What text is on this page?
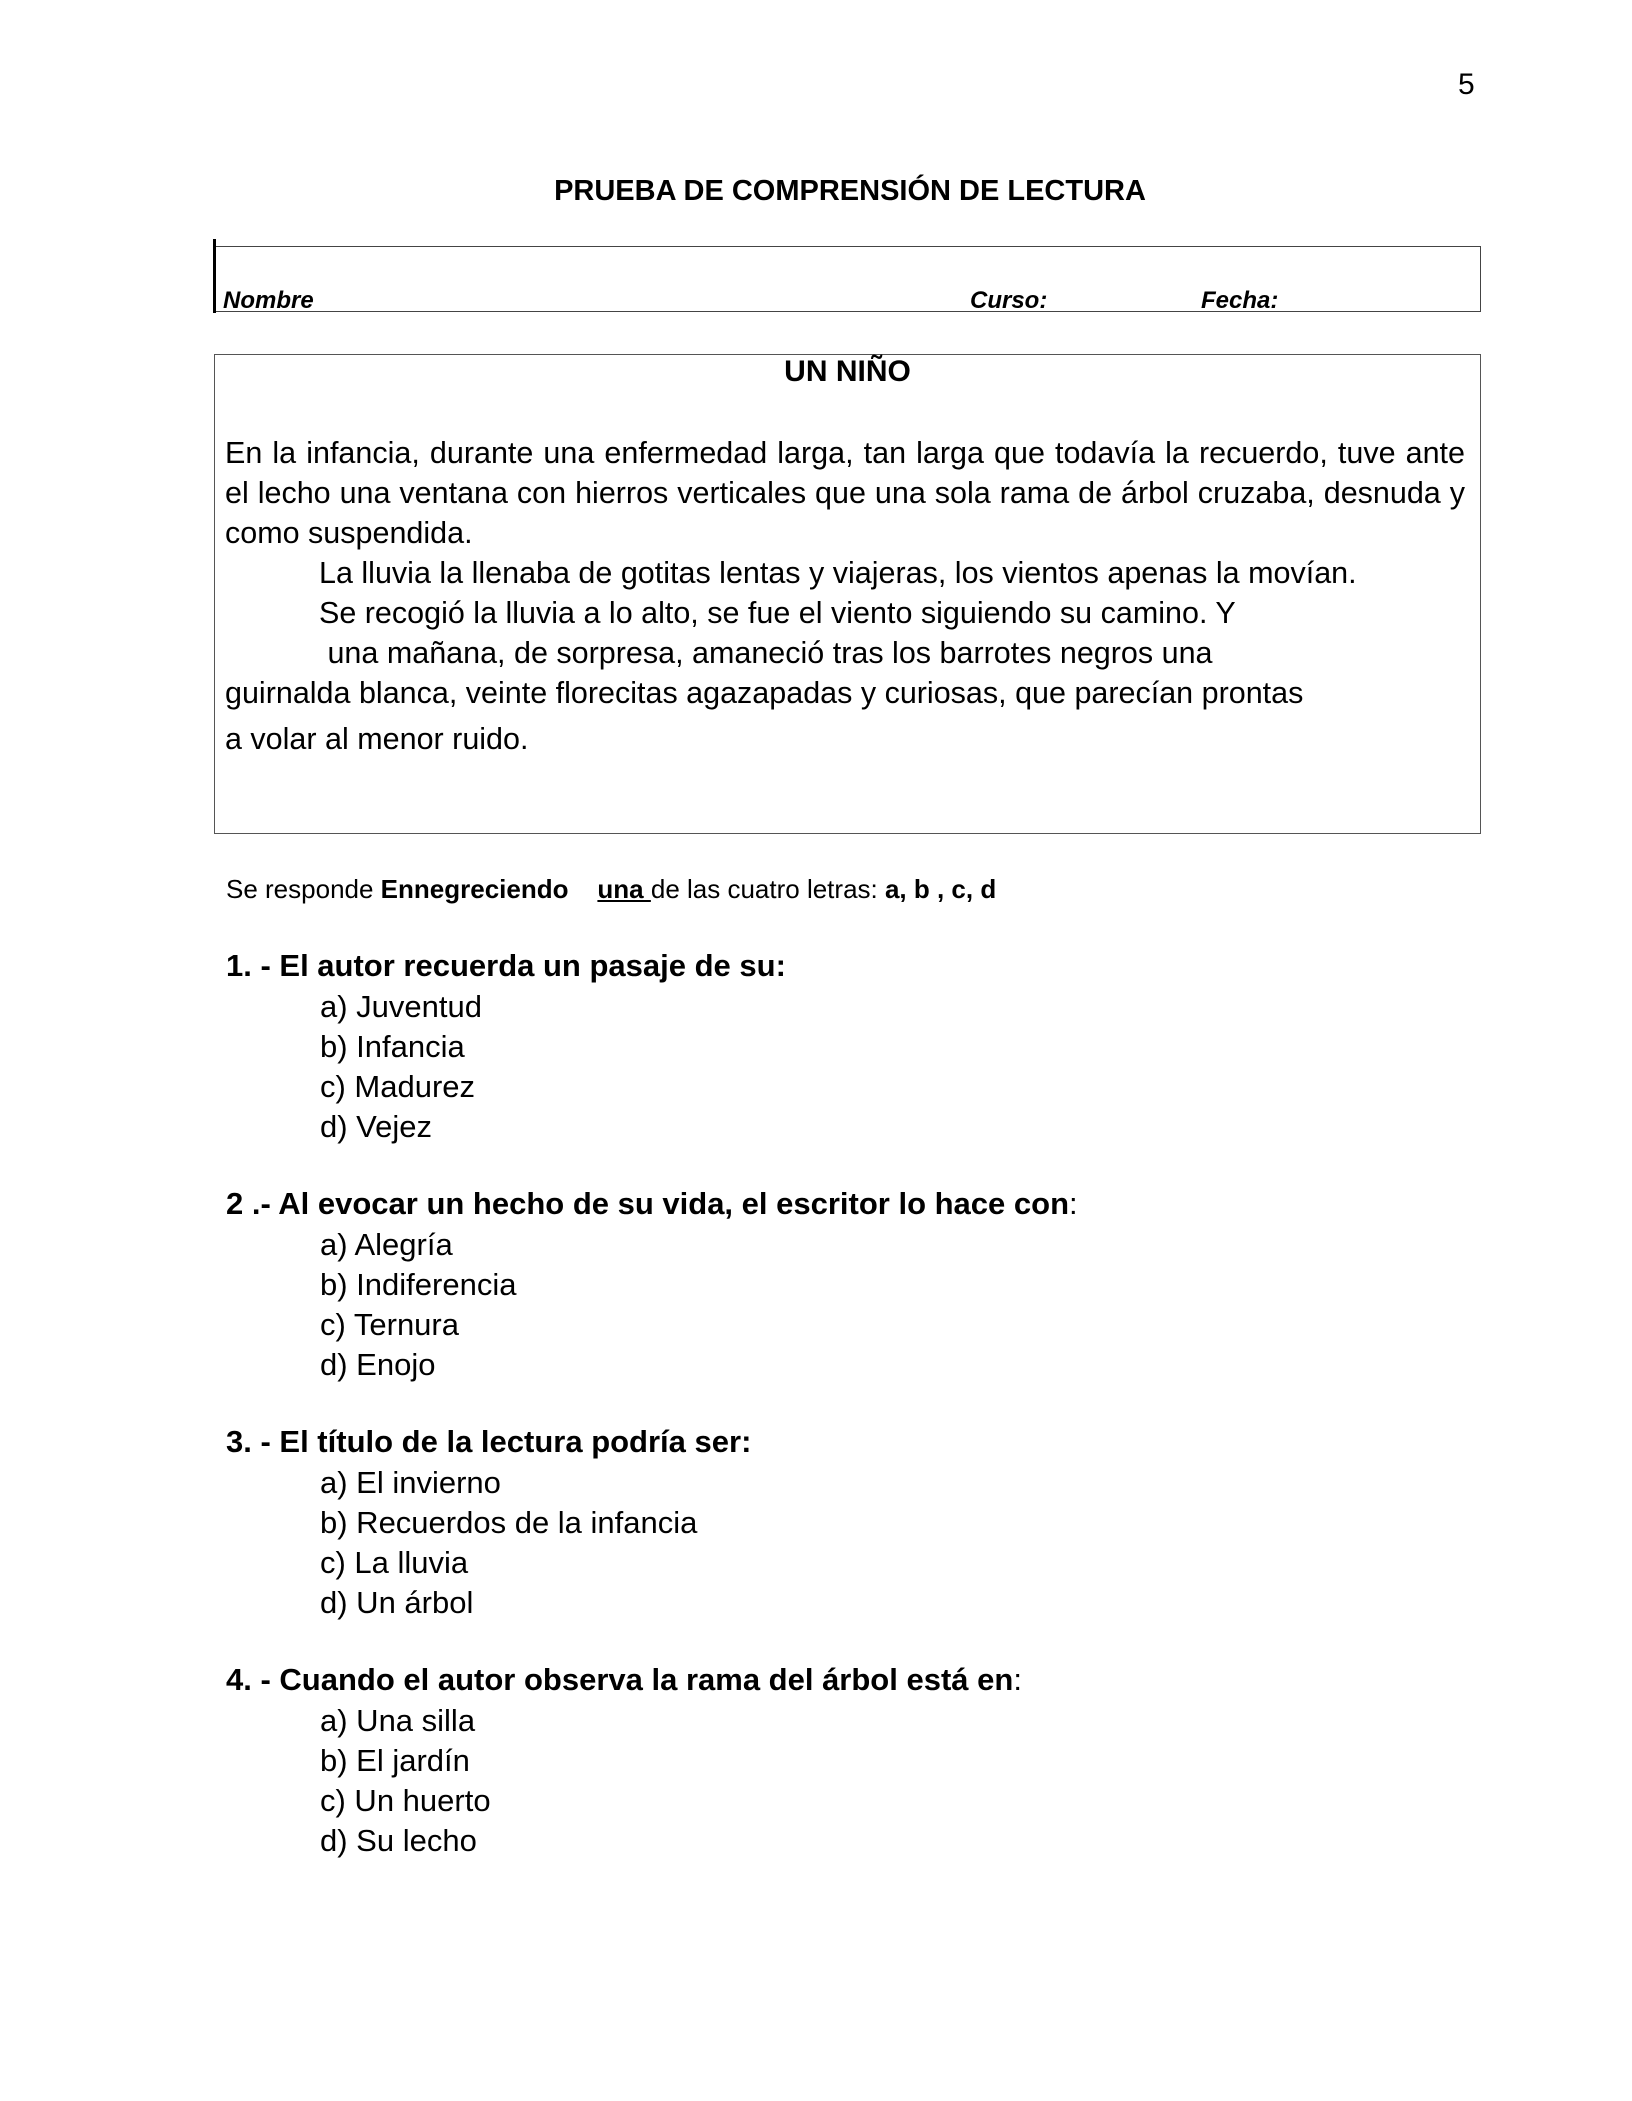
5
PRUEBA DE COMPRENSIÓN DE LECTURA
Nombre	Curso:	Fecha:
UN NIÑO

En la infancia, durante una enfermedad larga, tan larga que todavía la recuerdo, tuve ante el lecho una ventana con hierros verticales que una sola rama de árbol cruzaba, desnuda y como suspendida.

La lluvia la llenaba de gotitas lentas y viajeras, los vientos apenas la movían.

Se recogió la lluvia a lo alto, se fue el viento siguiendo su camino. Y
una mañana, de sorpresa, amaneció tras los barrotes negros una
guirnalda blanca, veinte florecitas agazapadas y curiosas, que parecían prontas
a volar al menor ruido.
Se responde Ennegreciendo una de las cuatro letras: a, b , c, d
1. - El autor recuerda un pasaje de su:
a) Juventud
b) Infancia
c) Madurez
d) Vejez
2 .- Al evocar un hecho de su vida, el escritor lo hace con:
a) Alegría
b) Indiferencia
c) Ternura
d) Enojo
3. - El título de la lectura podría ser:
a) El invierno
b) Recuerdos de la infancia
c) La lluvia
d) Un árbol
4. - Cuando el autor observa la rama del árbol está en:
a) Una silla
b) El jardín
c) Un huerto
d) Su lecho
